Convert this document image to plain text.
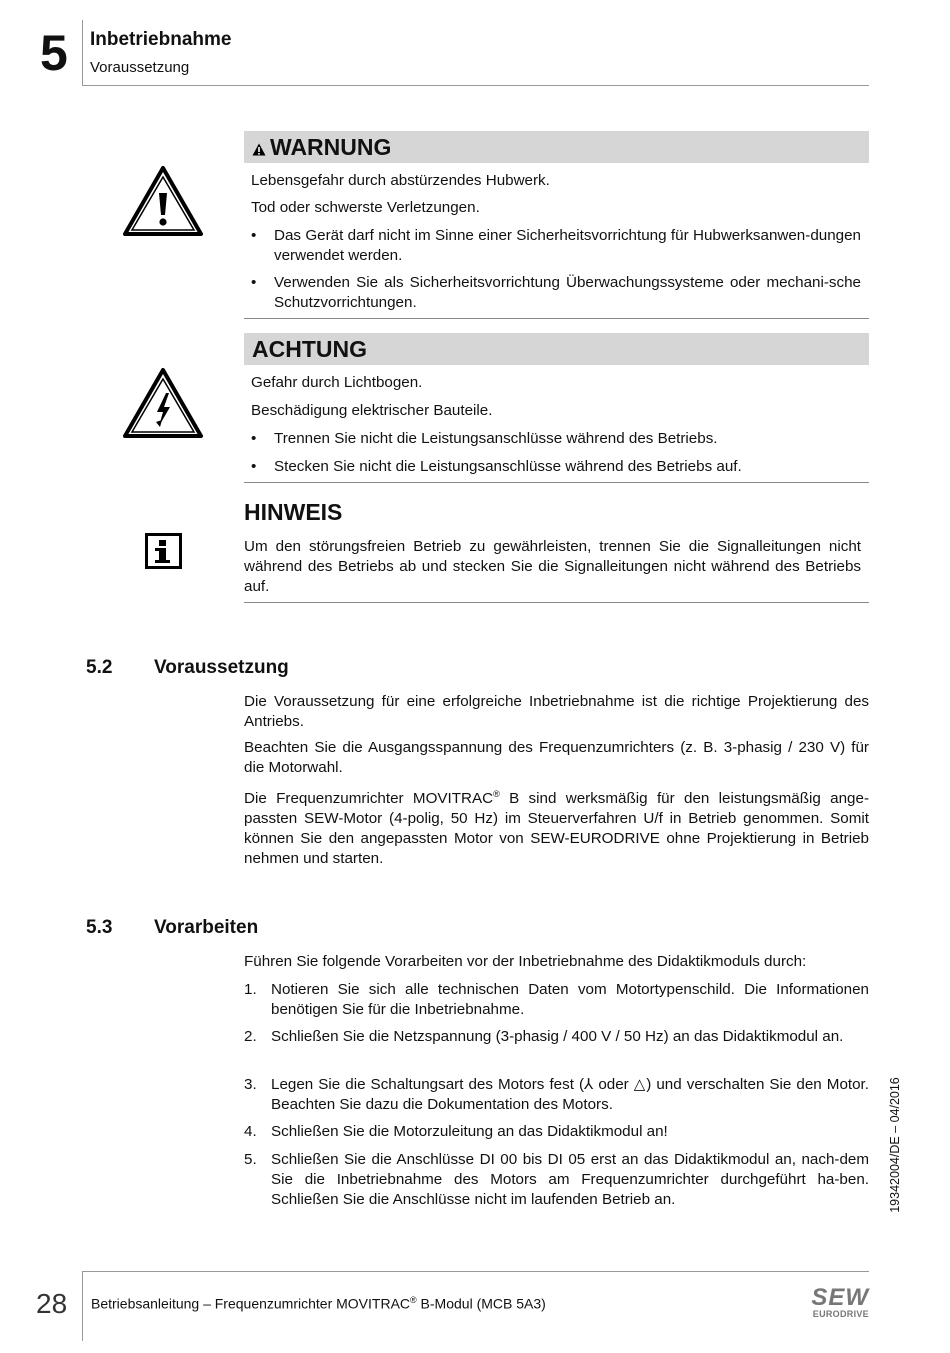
5 Inbetriebnahme
Voraussetzung
WARNUNG
Lebensgefahr durch abstürzendes Hubwerk.
Tod oder schwerste Verletzungen.
• Das Gerät darf nicht im Sinne einer Sicherheitsvorrichtung für Hubwerksanwen-dungen verwendet werden.
• Verwenden Sie als Sicherheitsvorrichtung Überwachungssysteme oder mechani-sche Schutzvorrichtungen.
ACHTUNG
Gefahr durch Lichtbogen.
Beschädigung elektrischer Bauteile.
• Trennen Sie nicht die Leistungsanschlüsse während des Betriebs.
• Stecken Sie nicht die Leistungsanschlüsse während des Betriebs auf.
HINWEIS
Um den störungsfreien Betrieb zu gewährleisten, trennen Sie die Signalleitungen nicht während des Betriebs ab und stecken Sie die Signalleitungen nicht während des Betriebs auf.
5.2 Voraussetzung
Die Voraussetzung für eine erfolgreiche Inbetriebnahme ist die richtige Projektierung des Antriebs.
Beachten Sie die Ausgangsspannung des Frequenzumrichters (z. B. 3-phasig / 230 V) für die Motorwahl.
Die Frequenzumrichter MOVITRAC® B sind werksmäßig für den leistungsmäßig ange-passten SEW-Motor (4-polig, 50 Hz) im Steuerverfahren U/f in Betrieb genommen. Somit können Sie den angepassten Motor von SEW-EURODRIVE ohne Projektierung in Betrieb nehmen und starten.
5.3 Vorarbeiten
Führen Sie folgende Vorarbeiten vor der Inbetriebnahme des Didaktikmoduls durch:
1. Notieren Sie sich alle technischen Daten vom Motortypenschild. Die Informationen benötigen Sie für die Inbetriebnahme.
2. Schließen Sie die Netzspannung (3-phasig / 400 V / 50 Hz) an das Didaktikmodul an.
3. Legen Sie die Schaltungsart des Motors fest (⅄ oder △) und verschalten Sie den Motor. Beachten Sie dazu die Dokumentation des Motors.
4. Schließen Sie die Motorzuleitung an das Didaktikmodul an!
5. Schließen Sie die Anschlüsse DI 00 bis DI 05 erst an das Didaktikmodul an, nach-dem Sie die Inbetriebnahme des Motors am Frequenzumrichter durchgeführt ha-ben. Schließen Sie die Anschlüsse nicht im laufenden Betrieb an.	19342004/DE – 04/2016
28 Betriebsanleitung – Frequenzumrichter MOVITRAC® B-Modul (MCB 5A3)	SEW
EURODRIVE
